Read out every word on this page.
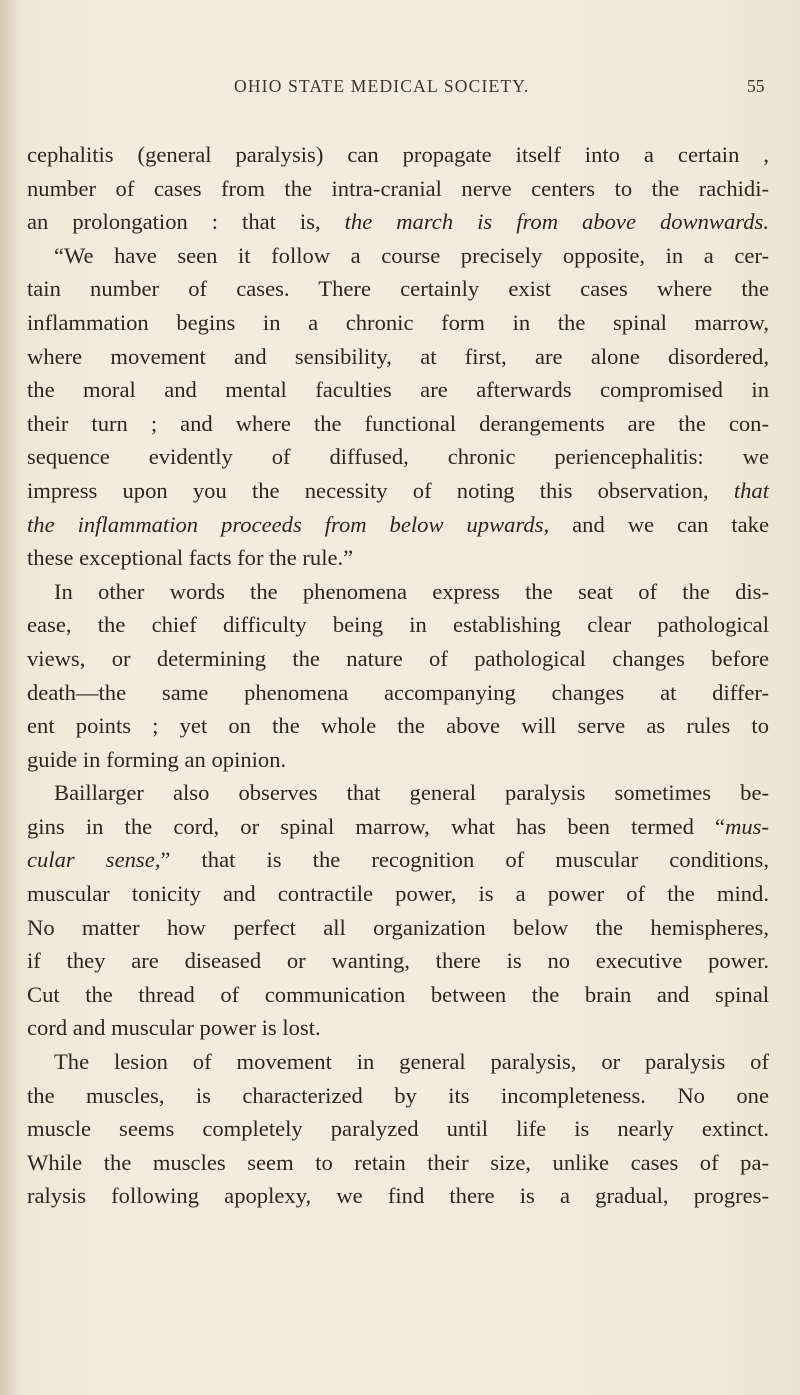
OHIO STATE MEDICAL SOCIETY.	55
cephalitis (general paralysis) can propagate itself into a certain ,
number of cases from the intra-cranial nerve centers to the rachidi-
an prolongation : that is, the march is from above downwards.
“We have seen it follow a course precisely opposite, in a cer-
tain number of cases. There certainly exist cases where the
inflammation begins in a chronic form in the spinal marrow,
where movement and sensibility, at first, are alone disordered,
the moral and mental faculties are afterwards compromised in
their turn ; and where the functional derangements are the con-
sequence evidently of diffused, chronic periencephalitis: we
impress upon you the necessity of noting this observation, that
the inflammation proceeds from below upwards, and we can take
these exceptional facts for the rule.”
In other words the phenomena express the seat of the dis-
ease, the chief difficulty being in establishing clear pathological
views, or determining the nature of pathological changes before
death—the same phenomena accompanying changes at differ-
ent points ; yet on the whole the above will serve as rules to
guide in forming an opinion.
Baillarger also observes that general paralysis sometimes be-
gins in the cord, or spinal marrow, what has been termed “mus-
cular sense,” that is the recognition of muscular conditions,
muscular tonicity and contractile power, is a power of the mind.
No matter how perfect all organization below the hemispheres,
if they are diseased or wanting, there is no executive power.
Cut the thread of communication between the brain and spinal
cord and muscular power is lost.
The lesion of movement in general paralysis, or paralysis of
the muscles, is characterized by its incompleteness. No one
muscle seems completely paralyzed until life is nearly extinct.
While the muscles seem to retain their size, unlike cases of pa-
ralysis following apoplexy, we find there is a gradual, progres-
